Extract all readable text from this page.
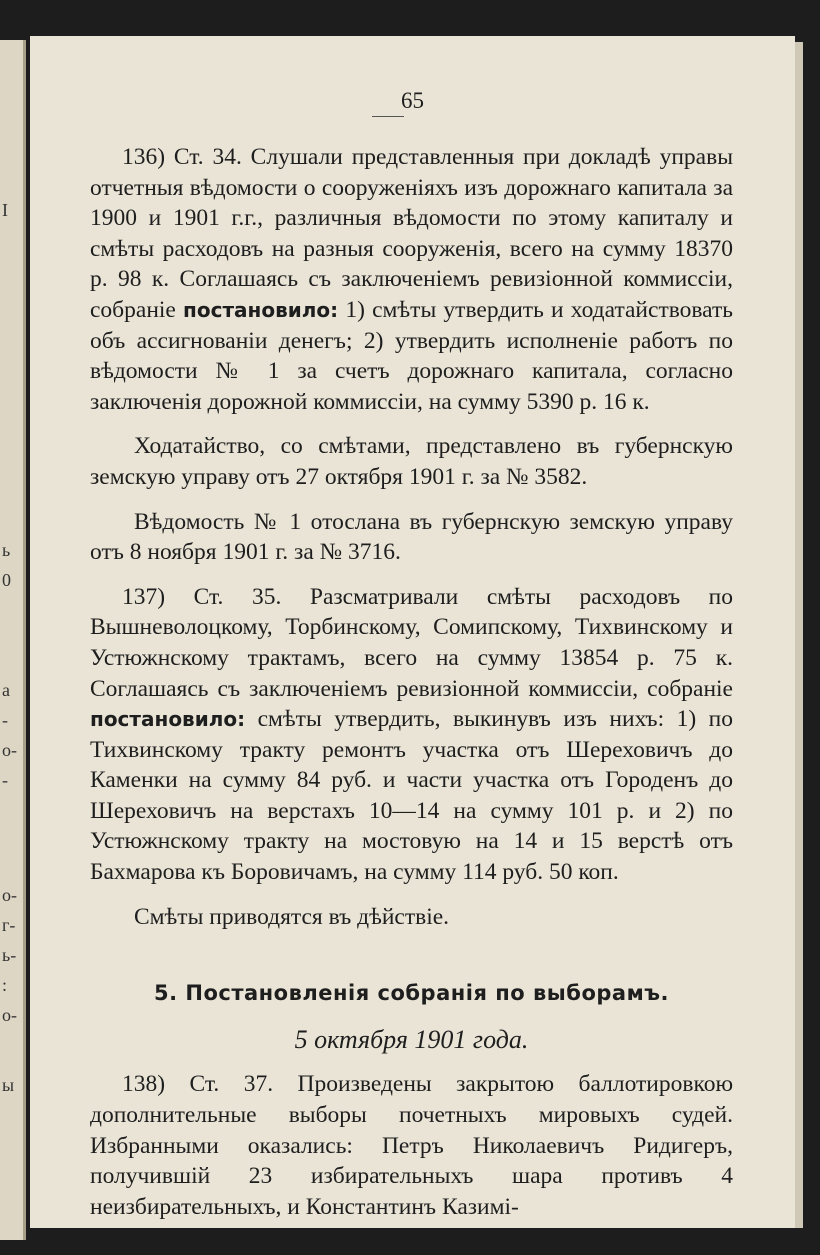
I
ь
0
а
-
о-
-
о-
г-
ь-
:
о-
ы
65

136) Ст. 34. Слушали представленныя при докладѣ управы отчетныя вѣдомости о сооруженіяхъ изъ дорожнаго капитала за 1900 и 1901 г.г., различныя вѣдомости по этому капиталу и смѣты расходовъ на разныя сооруженія, всего на сумму 18370 р. 98 к. Соглашаясь съ заключеніемъ ревизіонной коммиссіи, собраніе постановило: 1) смѣты утвердить и ходатайствовать объ ассигнованіи денегъ; 2) утвердить исполненіе работъ по вѣдомости № 1 за счетъ дорожнаго капитала, согласно заключенія дорожной коммиссіи, на сумму 5390 р. 16 к.

Ходатайство, со смѣтами, представлено въ губернскую земскую управу отъ 27 октября 1901 г. за № 3582.

Вѣдомость № 1 отослана въ губернскую земскую управу отъ 8 ноября 1901 г. за № 3716.

137) Ст. 35. Разсматривали смѣты расходовъ по Вышневолоцкому, Торбинскому, Сомипскому, Тихвинскому и Устюжнскому трактамъ, всего на сумму 13854 р. 75 к. Соглашаясь съ заключеніемъ ревизіонной коммиссіи, собраніе постановило: смѣты утвердить, выкинувъ изъ нихъ: 1) по Тихвинскому тракту ремонтъ участка отъ Шереховичъ до Каменки на сумму 84 руб. и части участка отъ Городенъ до Шереховичъ на верстахъ 10—14 на сумму 101 р. и 2) по Устюжнскому тракту на мостовую на 14 и 15 верстѣ отъ Бахмарова къ Боровичамъ, на сумму 114 руб. 50 коп.

Смѣты приводятся въ дѣйствіе.

5. Постановленія собранія по выборамъ.
5 октября 1901 года.

138) Ст. 37. Произведены закрытою баллотировкою дополнительные выборы почетныхъ мировыхъ судей. Избранными оказались: Петръ Николаевичъ Ридигеръ, получившій 23 избирательныхъ шара противъ 4 неизбирательныхъ, и Константинъ Казимі-
